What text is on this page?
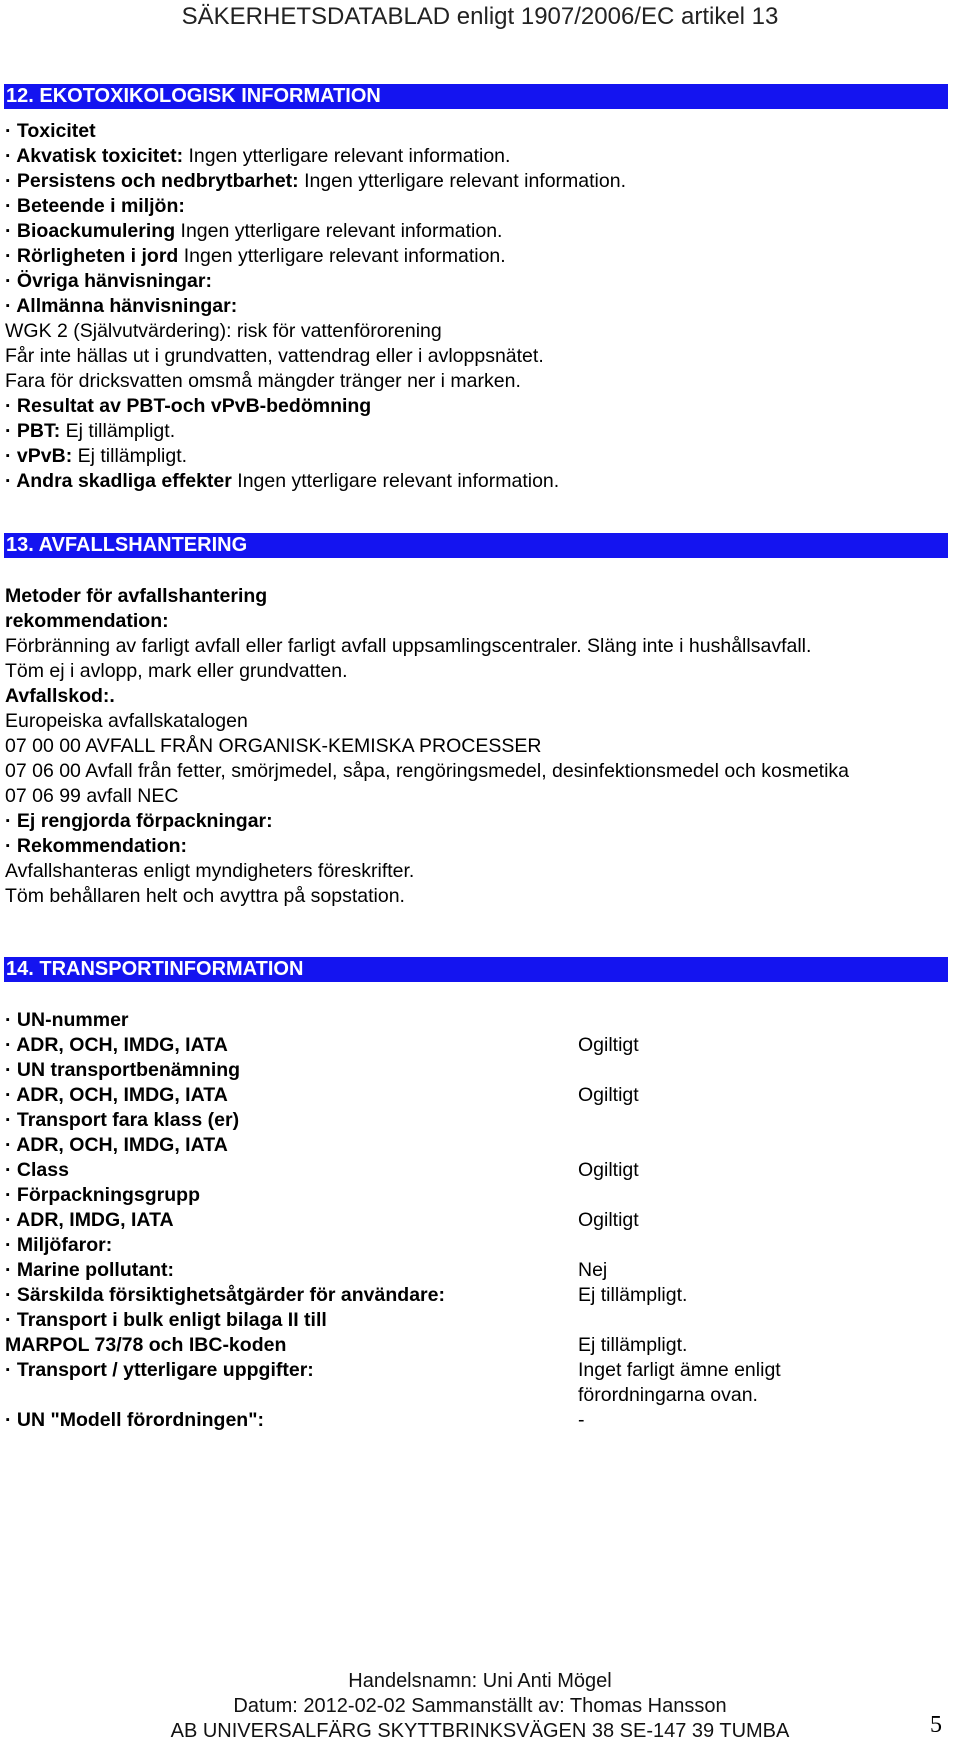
SÄKERHETSDATABLAD enligt 1907/2006/EC artikel 13
12. EKOTOXIKOLOGISK INFORMATION
· Toxicitet
· Akvatisk toxicitet: Ingen ytterligare relevant information.
· Persistens och nedbrytbarhet: Ingen ytterligare relevant information.
· Beteende i miljön:
· Bioackumulering Ingen ytterligare relevant information.
· Rörligheten i jord Ingen ytterligare relevant information.
· Övriga hänvisningar:
· Allmänna hänvisningar:
WGK 2 (Självutvärdering): risk för vattenförorening
Får inte hällas ut i grundvatten, vattendrag eller i avloppsnätet.
Fara för dricksvatten omsmå mängder tränger ner i marken.
· Resultat av PBT-och vPvB-bedömning
· PBT: Ej tillämpligt.
· vPvB: Ej tillämpligt.
· Andra skadliga effekter Ingen ytterligare relevant information.
13. AVFALLSHANTERING
Metoder för avfallshantering
rekommendation:
Förbränning av farligt avfall eller farligt avfall uppsamlingscentraler. Släng inte i hushållsavfall.
Töm ej i avlopp, mark eller grundvatten.
Avfallskod:.
Europeiska avfallskatalogen
07 00 00 AVFALL FRÅN ORGANISK-KEMISKA PROCESSER
07 06 00 Avfall från fetter, smörjmedel, såpa, rengöringsmedel, desinfektionsmedel och kosmetika
07 06 99 avfall NEC
· Ej rengjorda förpackningar:
· Rekommendation:
Avfallshanteras enligt myndigheters föreskrifter.
Töm behållaren helt och avyttra på sopstation.
14. TRANSPORTINFORMATION
· UN-nummer
· ADR, OCH, IMDG, IATA	Ogiltigt
· UN transportbenämning
· ADR, OCH, IMDG, IATA	Ogiltigt
· Transport fara klass (er)
· ADR, OCH, IMDG, IATA
· Class	Ogiltigt
· Förpackningsgrupp
· ADR, IMDG, IATA	Ogiltigt
· Miljöfaror:
· Marine pollutant:	Nej
· Särskilda försiktighetsåtgärder för användare:	Ej tillämpligt.
· Transport i bulk enligt bilaga II till
MARPOL 73/78 och IBC-koden	Ej tillämpligt.
· Transport / ytterligare uppgifter:	Inget farligt ämne enligt förordningarna ovan.
· UN "Modell förordningen":	-
Handelsnamn: Uni Anti Mögel
Datum: 2012-02-02 Sammanställt av: Thomas Hansson
AB UNIVERSALFÄRG SKYTTBRINKSVÄGEN 38 SE-147 39 TUMBA	5
